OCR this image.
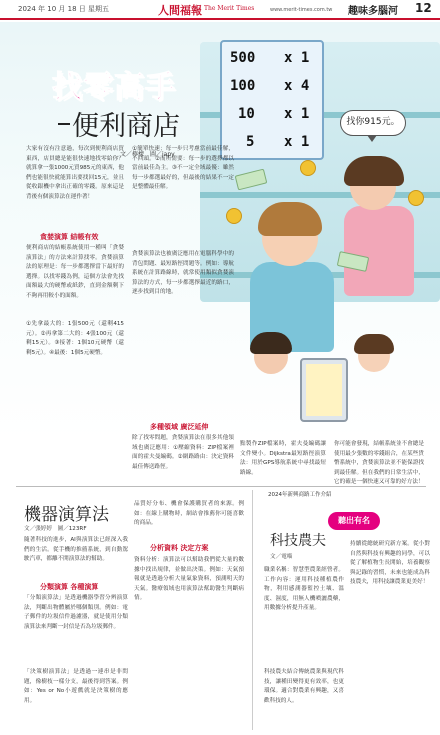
2024 年 10 月 18 日 星期五	人間福報 The Merit Times	www.merit-times.com.tw 趣味多腦河 12
500 x 1
100 x 4
10 x 1
5 x 1
找你915元。
找零高手
便利商店
文／檸檬　圖／japy

大家有沒有注意過，每次到便利商店買東西，店員總是能很快速地找零給你？就算拿一張1000元買985元的東西，他們也能很快就能算出要找回15元，並且從收銀機中拿出正確的零錢。原來這是背後有個演算法在運作著！

貪婪演算 結帳有效

便利商店的結帳系統使用一種叫「貪婪演算法」的方法來計算找零。貪婪演算法的原理是：每一步都選擇當下最好的選擇。以找零錢為例，這個方法會先找面額最大的硬幣或紙鈔，直到金額剩下不夠再用較小的面額。

①先拿最大的：1張500元（還剩415元）。②再拿第二大的：4張100元（還剩15元）。③接著：1個10元硬幣（還剩5元）。④最後：1個5元硬幣。

①簡單快速：每一步只考慮當前最佳解，不回頭。②而所需要：每一步的選擇都以當前最佳為主。③不一定全域最優：雖然每一步都選最好的，但最後的結果不一定是整體最佳解。

貪婪演算法也被廣泛應用在電腦科學中的背包問題、最短路徑問題等。例如：導航系統在計算路線時，就常使用類似貪婪演算法的方式，每一步都選擇最近的路口，逐步找到目的地。

多種領域 廣泛延伸

除了找零問題，貪婪演算法在很多其他領域也廣泛應用：①壓縮資料：ZIP檔案裡面的霍夫曼編碼。②網路路由：決定資料最佳傳送路徑。

點製作ZIP檔案時，霍夫曼編碼讓文件變小。Dijkstra最短路徑演算法：用於GPS導航系統中尋找最短路線。

你可能會發現，結帳系統並不會總是使用最少張數的零錢組合，在某些貨幣系統中，貪婪演算法並不能保證找到最佳解。但在我們的日常生活中，它的確是一個快速又可靠的好方法！

機器演算法
文／張婷婷　圖／123RF

隨著科技的進步，AI與演算法已經深入我們的生活。從手機的推薦系統，到自動駕駛汽車，都離不開演算法的幫助。

分類演算 各種演算

「分類演算法」是透過機器學習分辨演算法，判斷出物體屬於哪個類別。例如：電子郵件的垃圾信件過濾器，就是使用分類演算法來判斷一封信是否為垃圾郵件。

「決策樹演算法」是透過一連串是非問題，像樹枝一樣分支，最後得到答案。例如：Yes or No小遊戲就是決策樹的應用。

品質好分布、機會保護購買者的來源。例如：在線上購物時，網站會推薦你可能喜歡的商品。

分析資料 決定方案

資料分析：演算法可以幫助我們從大量的數據中找出規律，並做出決策。例如：天氣預報就是透過分析大量氣象資料，預測明天的天氣。醫療領域也用演算法幫助醫生判斷病情。

2024年新興商路工作介紹
聽出有名
科技農夫
文／電喵

職業名稱：智慧型農業經營者。工作內容：運用科技種植農作物，利用感測器監控土壤、溫度、濕度，用無人機噴灑農藥，用數據分析提升產量。

科技農夫結合傳統農業與現代科技，讓種田變得更有效率，也更環保。適合對農業有興趣，又喜歡科技的人。

持續從總統研究新方案。從小對自然與科技有興趣的同學，可以從了解植物生長開始，培養觀察與記錄的習慣，未來也能成為科技農夫，用科技讓農業更美好！
